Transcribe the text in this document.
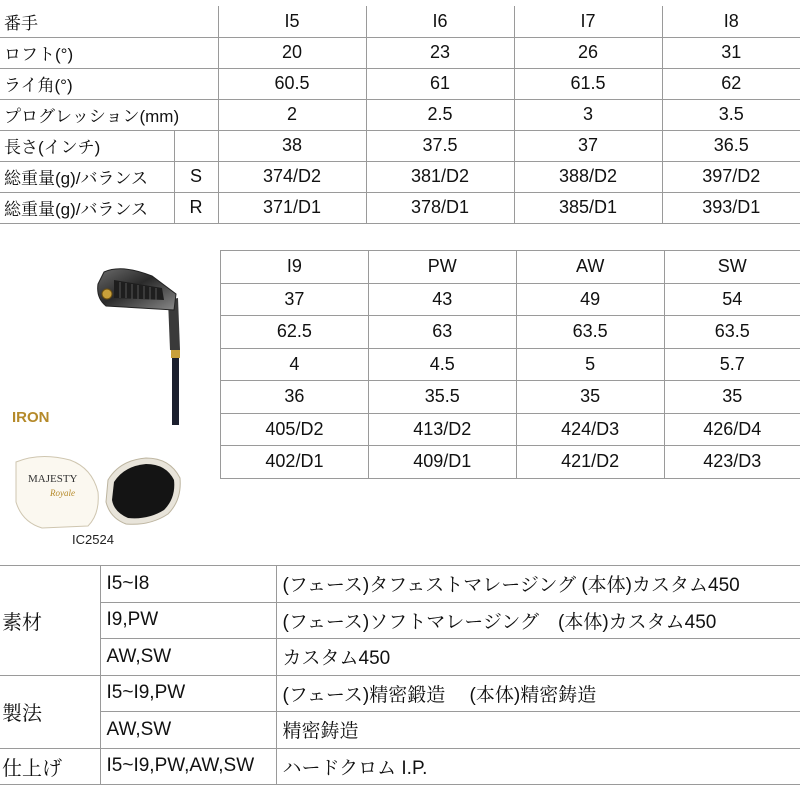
番手		I5	I6	I7	I8
ロフト(°)		20	23	26	31
ライ角(°)		60.5	61	61.5	62
プログレッション(mm)		2	2.5	3	3.5
長さ(インチ)		38	37.5	37	36.5
総重量(g)/バランス	S	374/D2	381/D2	388/D2	397/D2
総重量(g)/バランス	R	371/D1	378/D1	385/D1	393/D1
IRON
MAJESTY
Royale
IC2524
I9	PW	AW	SW
37	43	49	54
62.5	63	63.5	63.5
4	4.5	5	5.7
36	35.5	35	35
405/D2	413/D2	424/D3	426/D4
402/D1	409/D1	421/D2	423/D3
素材	I5~I8	(フェース)タフェストマレージング (本体)カスタム450
	I9,PW	(フェース)ソフトマレージング　(本体)カスタム450
	AW,SW	カスタム450
製法	I5~I9,PW	(フェース)精密鍛造　 (本体)精密鋳造
	AW,SW	精密鋳造
仕上げ	I5~I9,PW,AW,SW	ハードクロム I.P.
